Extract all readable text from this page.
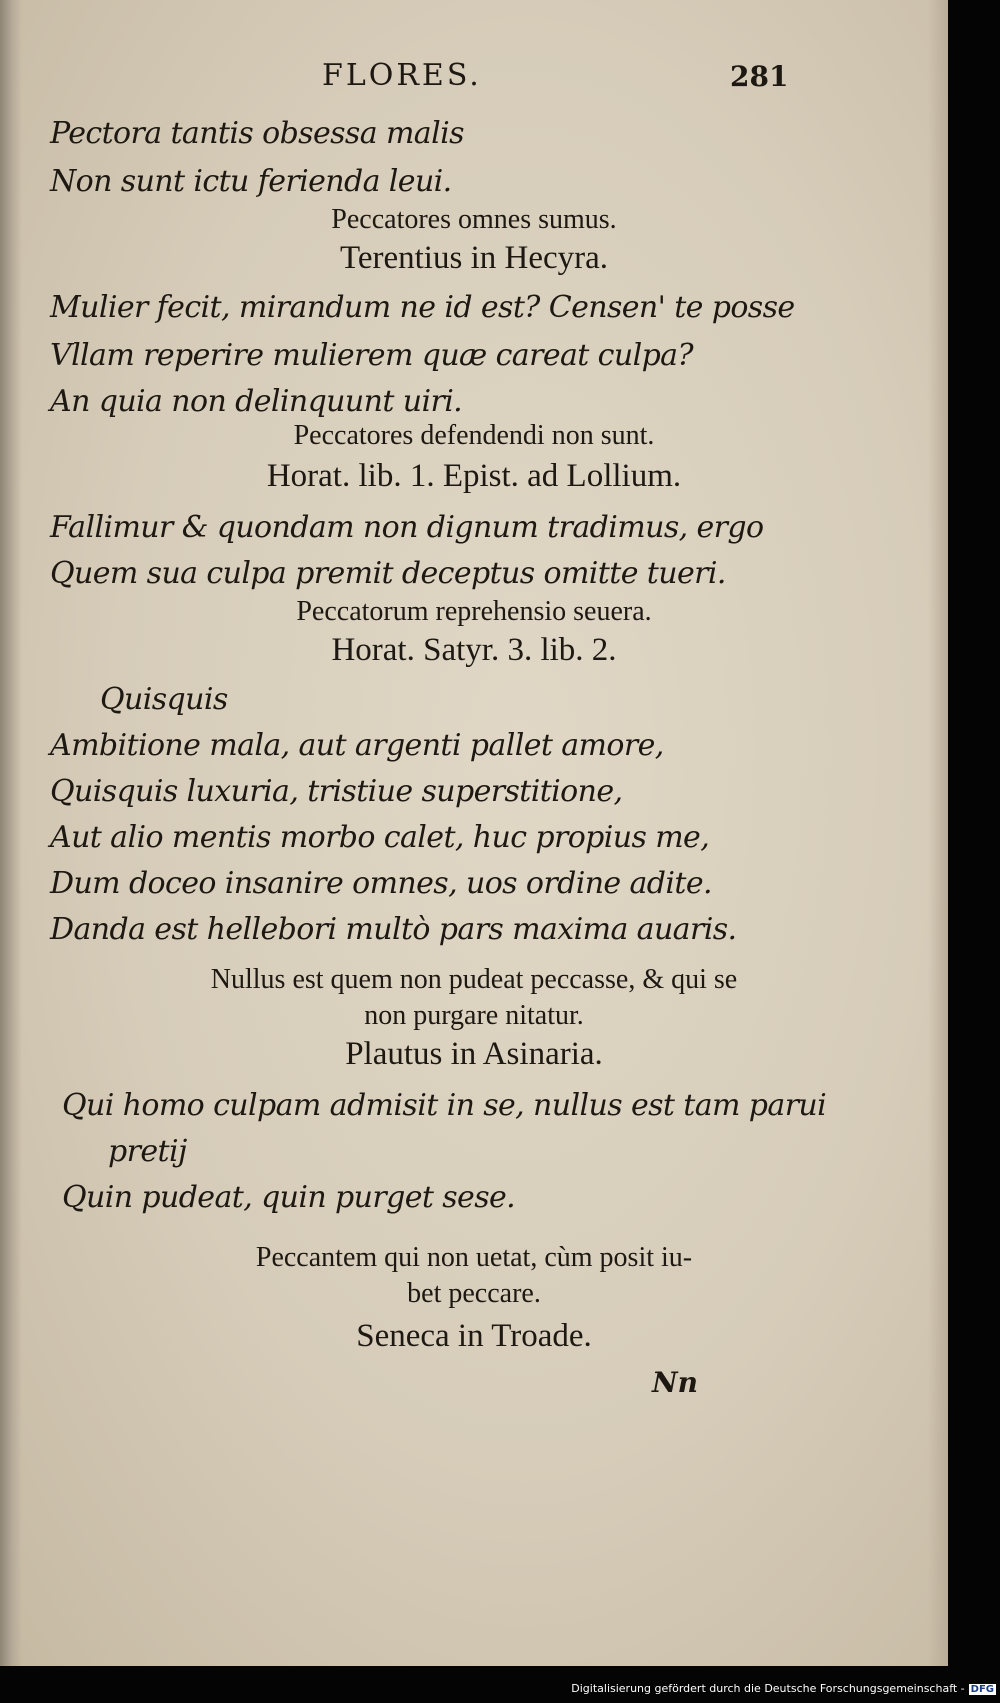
FLORES.	281

Pectora tantis obsessa malis

Non sunt ictu ferienda leui.

Peccatores omnes sumus.

Terentius in Hecyra.

Mulier fecit, mirandum ne id est? Censen' te posse

Vllam reperire mulierem quæ careat culpa?

An quia non delinquunt uiri.

Peccatores defendendi non sunt.

Horat. lib. 1. Epist. ad Lollium.

Fallimur & quondam non dignum tradimus, ergo

Quem sua culpa premit deceptus omitte tueri.

Peccatorum reprehensio seuera.

Horat. Satyr. 3. lib. 2.

Quisquis

Ambitione mala, aut argenti pallet amore,

Quisquis luxuria, tristiue superstitione,

Aut alio mentis morbo calet, huc propius me,

Dum doceo insanire omnes, uos ordine adite.

Danda est hellebori multò pars maxima auaris.

Nullus est quem non pudeat peccasse, & qui se

non purgare nitatur.

Plautus in Asinaria.

Qui homo culpam admisit in se, nullus est tam parui

pretij

Quin pudeat, quin purget sese.

Peccantem qui non uetat, cùm posit iu-

bet peccare.

Seneca in Troade.

Nn

Digitalisierung gefördert durch die Deutsche Forschungsgemeinschaft - DFG
